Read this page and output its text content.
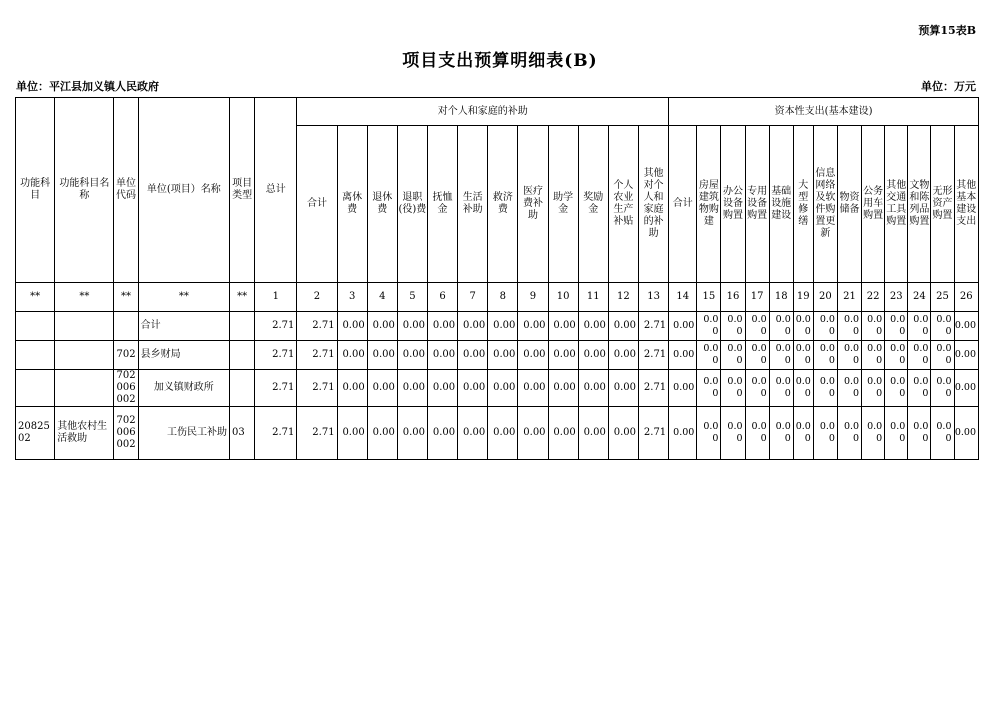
预算15表B
项目支出预算明细表(B)
单位：平江县加义镇人民政府	单位：万元
功能科目	功能科目名称	单位代码	单位(项目）名称	项目类型	总计	对个人和家庭的补助												资本性支出(基本建设)												
						合计	离休费	退休费	退职(役)费	抚恤金	生活补助	救济费	医疗费补助	助学金	奖励金	个人农业生产补贴	其他对个人和家庭的补助	合计	房屋建筑物购建	办公设备购置	专用设备购置	基础设施建设	大型修缮	信息网络及软件购置更新	物资储备	公务用车购置	其他交通工具购置	文物和陈列品购置	无形资产购置	其他基本建设支出
**	**	**	**	**	1	2	3	4	5	6	7	8	9	10	11	12	13	14	15	16	17	18	19	20	21	22	23	24	25	26
			合计		2.71	2.71	0.00	0.00	0.00	0.00	0.00	0.00	0.00	0.00	0.00	0.00	2.71	0.00	0.00	0.00	0.00	0.00	0.00	0.00	0.00	0.00	0.00	0.00	0.00	0.00
		702	县乡财局		2.71	2.71	0.00	0.00	0.00	0.00	0.00	0.00	0.00	0.00	0.00	0.00	2.71	0.00	0.00	0.00	0.00	0.00	0.00	0.00	0.00	0.00	0.00	0.00	0.00	0.00
		702006002	加义镇财政所		2.71	2.71	0.00	0.00	0.00	0.00	0.00	0.00	0.00	0.00	0.00	0.00	2.71	0.00	0.00	0.00	0.00	0.00	0.00	0.00	0.00	0.00	0.00	0.00	0.00	0.00
2082502	其他农村生活救助	702006002	工伤民工补助	03	2.71	2.71	0.00	0.00	0.00	0.00	0.00	0.00	0.00	0.00	0.00	0.00	2.71	0.00	0.00	0.00	0.00	0.00	0.00	0.00	0.00	0.00	0.00	0.00	0.00	0.00
